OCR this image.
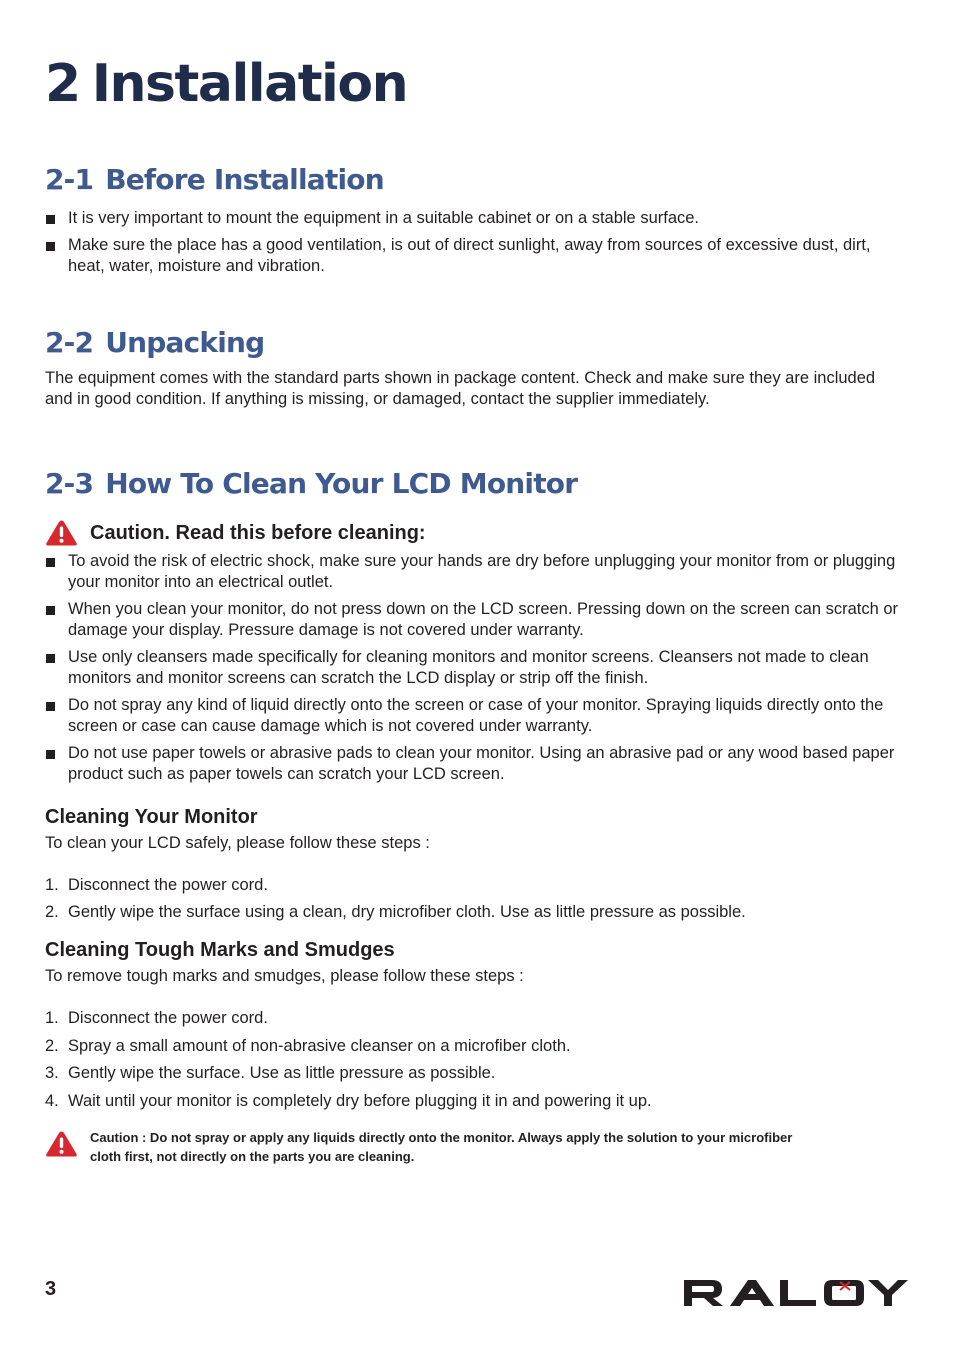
2 Installation
2-1 Before Installation
It is very important to mount the equipment in a suitable cabinet or on a stable surface.
Make sure the place has a good ventilation, is out of direct sunlight, away from sources of excessive dust, dirt, heat, water, moisture and vibration.
2-2 Unpacking

The equipment comes with the standard parts shown in package content. Check and make sure they are included and in good condition. If anything is missing, or damaged, contact the supplier immediately.

2-3 How To Clean Your LCD Monitor
Caution. Read this before cleaning:
To avoid the risk of electric shock, make sure your hands are dry before unplugging your monitor from or plugging your monitor into an electrical outlet.
When you clean your monitor, do not press down on the LCD screen. Pressing down on the screen can scratch or damage your display. Pressure damage is not covered under warranty.
Use only cleansers made specifically for cleaning monitors and monitor screens. Cleansers not made to clean monitors and monitor screens can scratch the LCD display or strip off the finish.
Do not spray any kind of liquid directly onto the screen or case of your monitor. Spraying liquids directly onto the screen or case can cause damage which is not covered under warranty.
Do not use paper towels or abrasive pads to clean your monitor. Using an abrasive pad or any wood based paper product such as paper towels can scratch your LCD screen.
Cleaning Your Monitor

To clean your LCD safely, please follow these steps :

1. Disconnect the power cord.
2. Gently wipe the surface using a clean, dry microfiber cloth. Use as little pressure as possible.
Cleaning Tough Marks and Smudges

To remove tough marks and smudges, please follow these steps :

1. Disconnect the power cord.
2. Spray a small amount of non-abrasive cleanser on a microfiber cloth.
3. Gently wipe the surface. Use as little pressure as possible.
4. Wait until your monitor is completely dry before plugging it in and powering it up.
Caution : Do not spray or apply any liquids directly onto the monitor. Always apply the solution to your microfiber cloth first, not directly on the parts you are cleaning.
3
